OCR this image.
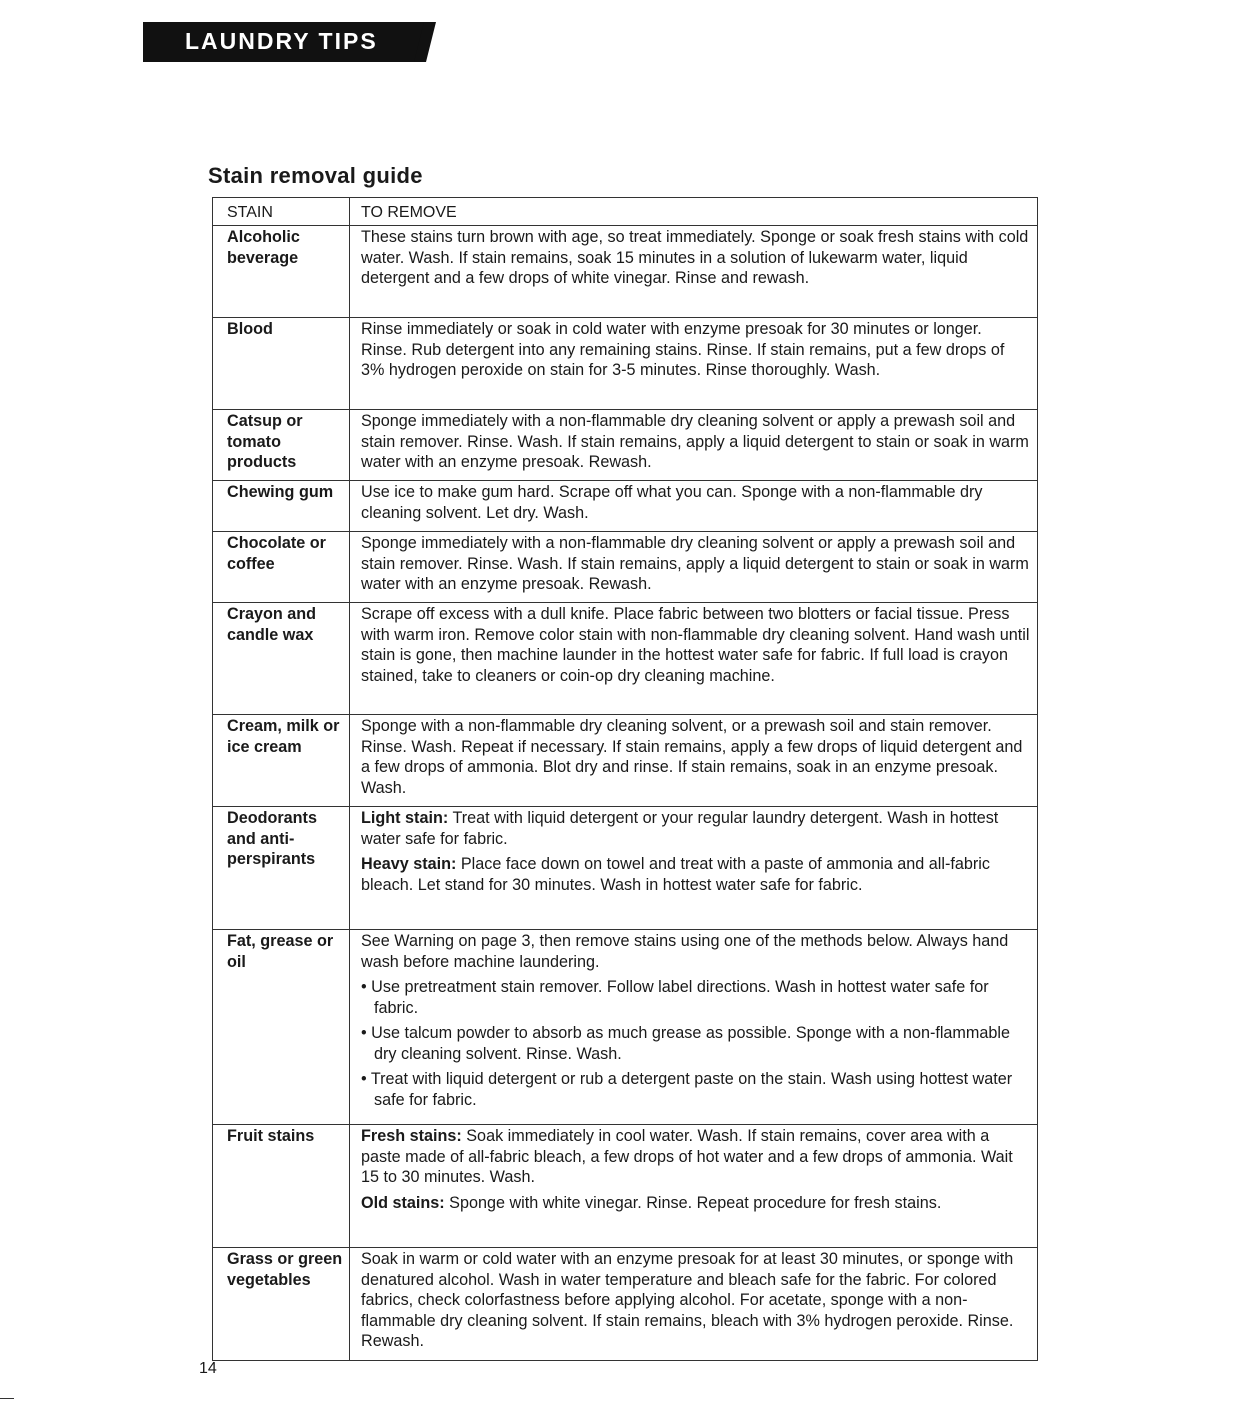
LAUNDRY TIPS
Stain removal guide
STAIN	TO REMOVE

Alcoholic beverage	These stains turn brown with age, so treat immediately. Sponge or soak fresh stains with cold water. Wash. If stain remains, soak 15 minutes in a solution of lukewarm water, liquid detergent and a few drops of white vinegar. Rinse and rewash.

Blood	Rinse immediately or soak in cold water with enzyme presoak for 30 minutes or longer. Rinse. Rub detergent into any remaining stains. Rinse. If stain remains, put a few drops of 3% hydrogen peroxide on stain for 3-5 minutes. Rinse thoroughly. Wash.

Catsup or tomato products	Sponge immediately with a non-flammable dry cleaning solvent or apply a prewash soil and stain remover. Rinse. Wash. If stain remains, apply a liquid detergent to stain or soak in warm water with an enzyme presoak. Rewash.

Chewing gum	Use ice to make gum hard. Scrape off what you can. Sponge with a non-flammable dry cleaning solvent. Let dry. Wash.

Chocolate or coffee	Sponge immediately with a non-flammable dry cleaning solvent or apply a prewash soil and stain remover. Rinse. Wash. If stain remains, apply a liquid detergent to stain or soak in warm water with an enzyme presoak. Rewash.

Crayon and candle wax	Scrape off excess with a dull knife. Place fabric between two blotters or facial tissue. Press with warm iron. Remove color stain with non-flammable dry cleaning solvent. Hand wash until stain is gone, then machine launder in the hottest water safe for fabric. If full load is crayon stained, take to cleaners or coin-op dry cleaning machine.

Cream, milk or ice cream	Sponge with a non-flammable dry cleaning solvent, or a prewash soil and stain remover. Rinse. Wash. Repeat if necessary. If stain remains, apply a few drops of liquid detergent and a few drops of ammonia. Blot dry and rinse. If stain remains, soak in an enzyme presoak. Wash.

Deodorants and anti-perspirants	Light stain: Treat with liquid detergent or your regular laundry detergent. Wash in hottest water safe for fabric.
Heavy stain: Place face down on towel and treat with a paste of ammonia and all-fabric bleach. Let stand for 30 minutes. Wash in hottest water safe for fabric.

Fat, grease or oil	See Warning on page 3, then remove stains using one of the methods below. Always hand wash before machine laundering.
• Use pretreatment stain remover. Follow label directions. Wash in hottest water safe for fabric.
• Use talcum powder to absorb as much grease as possible. Sponge with a non-flammable dry cleaning solvent. Rinse. Wash.
• Treat with liquid detergent or rub a detergent paste on the stain. Wash using hottest water safe for fabric.

Fruit stains	Fresh stains: Soak immediately in cool water. Wash. If stain remains, cover area with a paste made of all-fabric bleach, a few drops of hot water and a few drops of ammonia. Wait 15 to 30 minutes. Wash.
Old stains: Sponge with white vinegar. Rinse. Repeat procedure for fresh stains.

Grass or green vegetables	Soak in warm or cold water with an enzyme presoak for at least 30 minutes, or sponge with denatured alcohol. Wash in water temperature and bleach safe for the fabric. For colored fabrics, check colorfastness before applying alcohol. For acetate, sponge with a non-flammable dry cleaning solvent. If stain remains, bleach with 3% hydrogen peroxide. Rinse. Rewash.
14
